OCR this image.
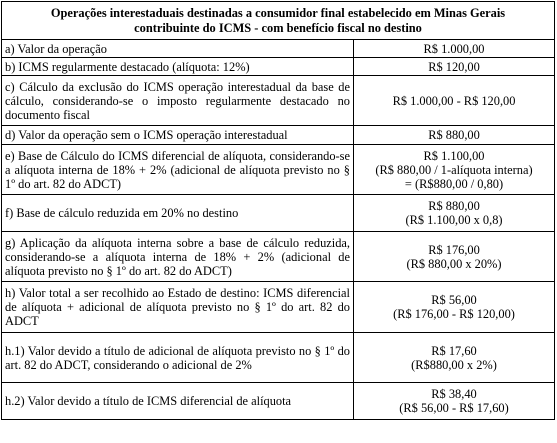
Operações interestaduais destinadas a consumidor final estabelecido em Minas Gerais
contribuinte do ICMS - com benefício fiscal no destino	

a) Valor da operação	R$ 1.000,00

b) ICMS regularmente destacado (alíquota: 12%)	R$ 120,00

c) Cálculo da exclusão do ICMS operação interestadual da base de cálculo, considerando-se o imposto regularmente destacado no documento fiscal	R$ 1.000,00 - R$ 120,00

d) Valor da operação sem o ICMS operação interestadual	R$ 880,00

e) Base de Cálculo do ICMS diferencial de alíquota, considerando-se a alíquota interna de 18% + 2% (adicional de alíquota previsto no § 1º do art. 82 do ADCT)	R$ 1.100,00
(R$ 880,00 / 1-alíquota interna)
= (R$880,00 / 0,80)

f) Base de cálculo reduzida em 20% no destino	R$ 880,00
(R$ 1.100,00 x 0,8)

g) Aplicação da alíquota interna sobre a base de cálculo reduzida, considerando-se a alíquota interna de 18% + 2% (adicional de alíquota previsto no § 1º do art. 82 do ADCT)	R$ 176,00
(R$ 880,00 x 20%)

h) Valor total a ser recolhido ao Estado de destino: ICMS diferencial de alíquota + adicional de alíquota previsto no § 1º do art. 82 do ADCT	R$ 56,00
(R$ 176,00 - R$ 120,00)

h.1) Valor devido a título de adicional de alíquota previsto no § 1º do art. 82 do ADCT, considerando o adicional de 2%	R$ 17,60
(R$880,00 x 2%)

h.2) Valor devido a título de ICMS diferencial de alíquota	R$ 38,40
(R$ 56,00 - R$ 17,60)
